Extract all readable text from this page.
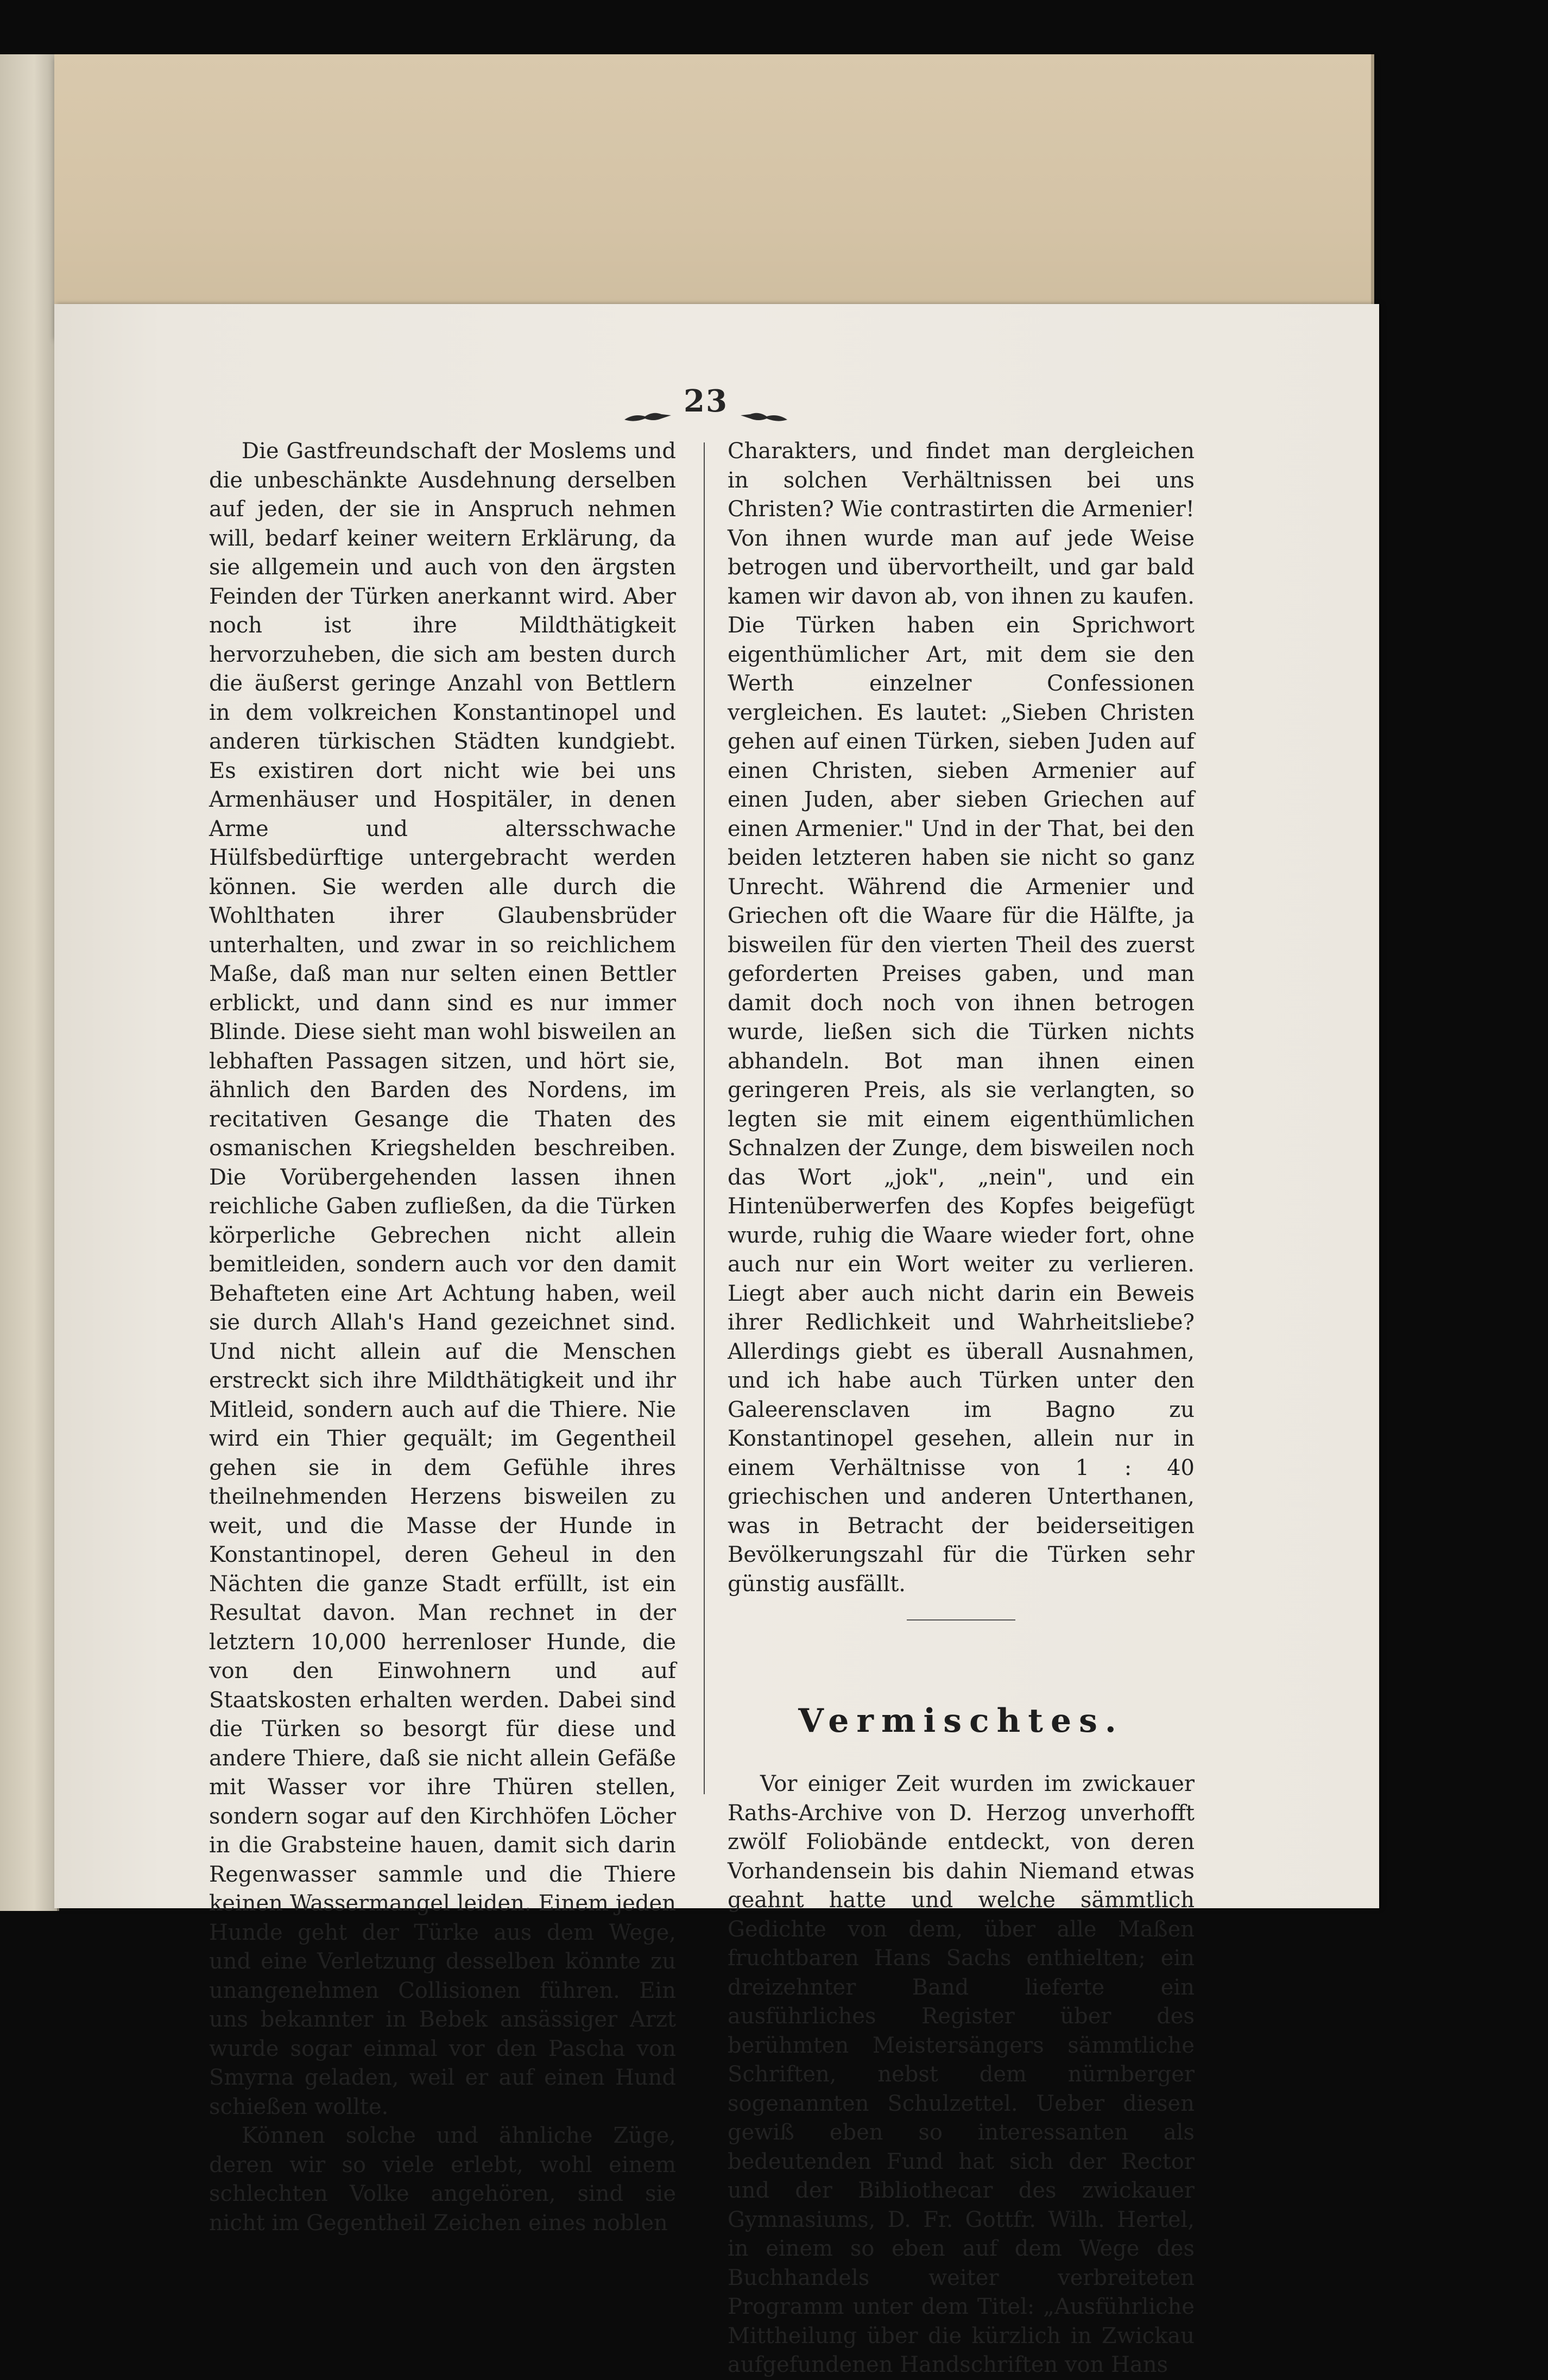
23

Die Gastfreundschaft der Moslems und die unbeschänkte Ausdehnung derselben auf jeden, der sie in Anspruch nehmen will, bedarf keiner weitern Erklärung, da sie allgemein und auch von den ärgsten Feinden der Türken anerkannt wird. Aber noch ist ihre Mildthätigkeit hervorzuheben, die sich am besten durch die äußerst geringe Anzahl von Bettlern in dem volkreichen Konstantinopel und anderen türkischen Städten kundgiebt. Es existiren dort nicht wie bei uns Armenhäuser und Hospitäler, in denen Arme und altersschwache Hülfsbedürftige untergebracht werden können. Sie werden alle durch die Wohlthaten ihrer Glaubensbrüder unterhalten, und zwar in so reichlichem Maße, daß man nur selten einen Bettler erblickt, und dann sind es nur immer Blinde. Diese sieht man wohl bisweilen an lebhaften Passagen sitzen, und hört sie, ähnlich den Barden des Nordens, im recitativen Gesange die Thaten des osmanischen Kriegshelden beschreiben. Die Vorübergehenden lassen ihnen reichliche Gaben zufließen, da die Türken körperliche Gebrechen nicht allein bemitleiden, sondern auch vor den damit Behafteten eine Art Achtung haben, weil sie durch Allah's Hand gezeichnet sind. Und nicht allein auf die Menschen erstreckt sich ihre Mildthätigkeit und ihr Mitleid, sondern auch auf die Thiere. Nie wird ein Thier gequält; im Gegentheil gehen sie in dem Gefühle ihres theilnehmenden Herzens bisweilen zu weit, und die Masse der Hunde in Konstantinopel, deren Geheul in den Nächten die ganze Stadt erfüllt, ist ein Resultat davon. Man rechnet in der letztern 10,000 herrenloser Hunde, die von den Einwohnern und auf Staatskosten erhalten werden. Dabei sind die Türken so besorgt für diese und andere Thiere, daß sie nicht allein Gefäße mit Wasser vor ihre Thüren stellen, sondern sogar auf den Kirchhöfen Löcher in die Grabsteine hauen, damit sich darin Regenwasser sammle und die Thiere keinen Wassermangel leiden. Einem jeden Hunde geht der Türke aus dem Wege, und eine Verletzung desselben könnte zu unangenehmen Collisionen führen. Ein uns bekannter in Bebek ansässiger Arzt wurde sogar einmal vor den Pascha von Smyrna geladen, weil er auf einen Hund schießen wollte.

Können solche und ähnliche Züge, deren wir so viele erlebt, wohl einem schlechten Volke angehören, sind sie nicht im Gegentheil Zeichen eines noblen

Charakters, und findet man dergleichen in solchen Verhältnissen bei uns Christen? Wie contrastirten die Armenier! Von ihnen wurde man auf jede Weise betrogen und übervortheilt, und gar bald kamen wir davon ab, von ihnen zu kaufen. Die Türken haben ein Sprichwort eigenthümlicher Art, mit dem sie den Werth einzelner Confessionen vergleichen. Es lautet: „Sieben Christen gehen auf einen Türken, sieben Juden auf einen Christen, sieben Armenier auf einen Juden, aber sieben Griechen auf einen Armenier." Und in der That, bei den beiden letzteren haben sie nicht so ganz Unrecht. Während die Armenier und Griechen oft die Waare für die Hälfte, ja bisweilen für den vierten Theil des zuerst geforderten Preises gaben, und man damit doch noch von ihnen betrogen wurde, ließen sich die Türken nichts abhandeln. Bot man ihnen einen geringeren Preis, als sie verlangten, so legten sie mit einem eigenthümlichen Schnalzen der Zunge, dem bisweilen noch das Wort „jok", „nein", und ein Hintenüberwerfen des Kopfes beigefügt wurde, ruhig die Waare wieder fort, ohne auch nur ein Wort weiter zu verlieren. Liegt aber auch nicht darin ein Beweis ihrer Redlichkeit und Wahrheitsliebe? Allerdings giebt es überall Ausnahmen, und ich habe auch Türken unter den Galeerensclaven im Bagno zu Konstantinopel gesehen, allein nur in einem Verhältnisse von 1 : 40 griechischen und anderen Unterthanen, was in Betracht der beiderseitigen Bevölkerungszahl für die Türken sehr günstig ausfällt.

Vermischtes.

Vor einiger Zeit wurden im zwickauer Raths-Archive von D. Herzog unverhofft zwölf Foliobände entdeckt, von deren Vorhandensein bis dahin Niemand etwas geahnt hatte und welche sämmtlich Gedichte von dem, über alle Maßen fruchtbaren Hans Sachs enthielten; ein dreizehnter Band lieferte ein ausführliches Register über des berühmten Meistersängers sämmtliche Schriften, nebst dem nürnberger sogenannten Schulzettel. Ueber diesen gewiß eben so interessanten als bedeutenden Fund hat sich der Rector und der Bibliothecar des zwickauer Gymnasiums, D. Fr. Gottfr. Wilh. Hertel, in einem so eben auf dem Wege des Buchhandels weiter verbreiteten Programm unter dem Titel: „Ausführliche Mittheilung über die kürzlich in Zwickau aufgefundenen Handschriften von Hans
